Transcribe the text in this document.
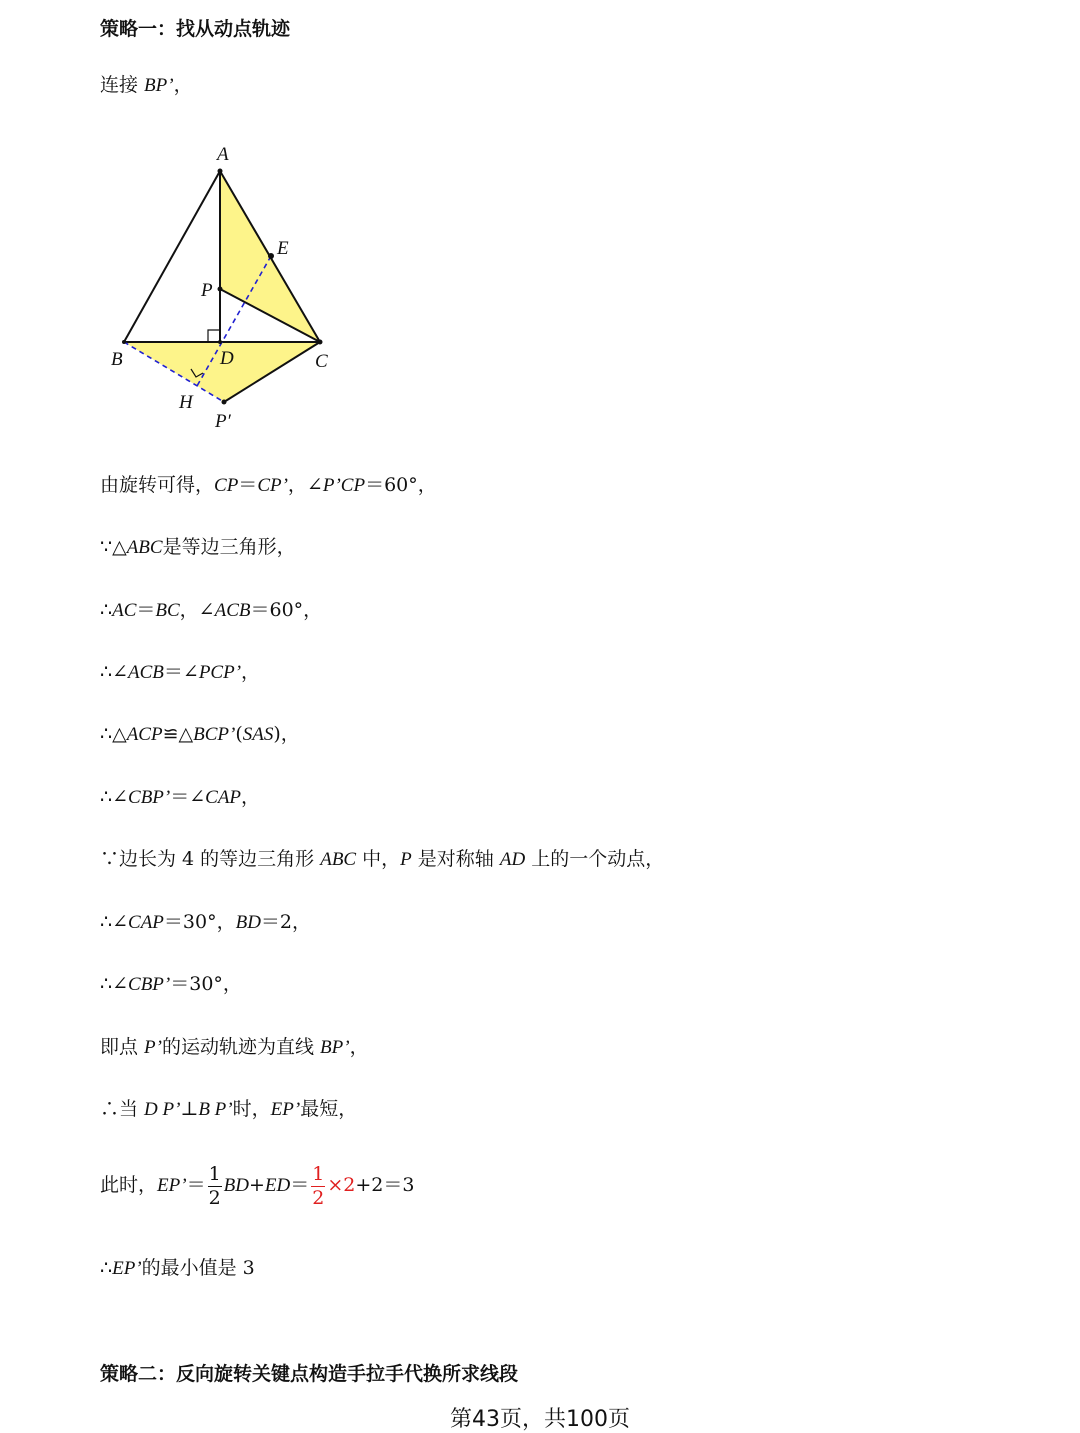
策略一：找从动点轨迹
连接 BP’，
A
E
P
B	D	C
H
P′
由旋转可得，CP＝CP’，∠P’CP＝60°，
∵△ABC是等边三角形，
∴AC＝BC，∠ACB＝60°，
∴∠ACB＝∠PCP’，
∴△ACP≌△BCP’(SAS)，
∴∠CBP’＝∠CAP，
∵边长为 4 的等边三角形 ABC 中，P 是对称轴 AD 上的一个动点，
∴∠CAP＝30°，BD＝2，
∴∠CBP’＝30°，
即点 P’的运动轨迹为直线 BP’，
∴当 D P’⊥B P’时，EP’最短，
此时，EP’＝ $\frac{1}{2} BD+ED= \frac{1}{2} \times 2+2=3$
∴EP’的最小值是 3
策略二：反向旋转关键点构造手拉手代换所求线段
第43页，共100页
